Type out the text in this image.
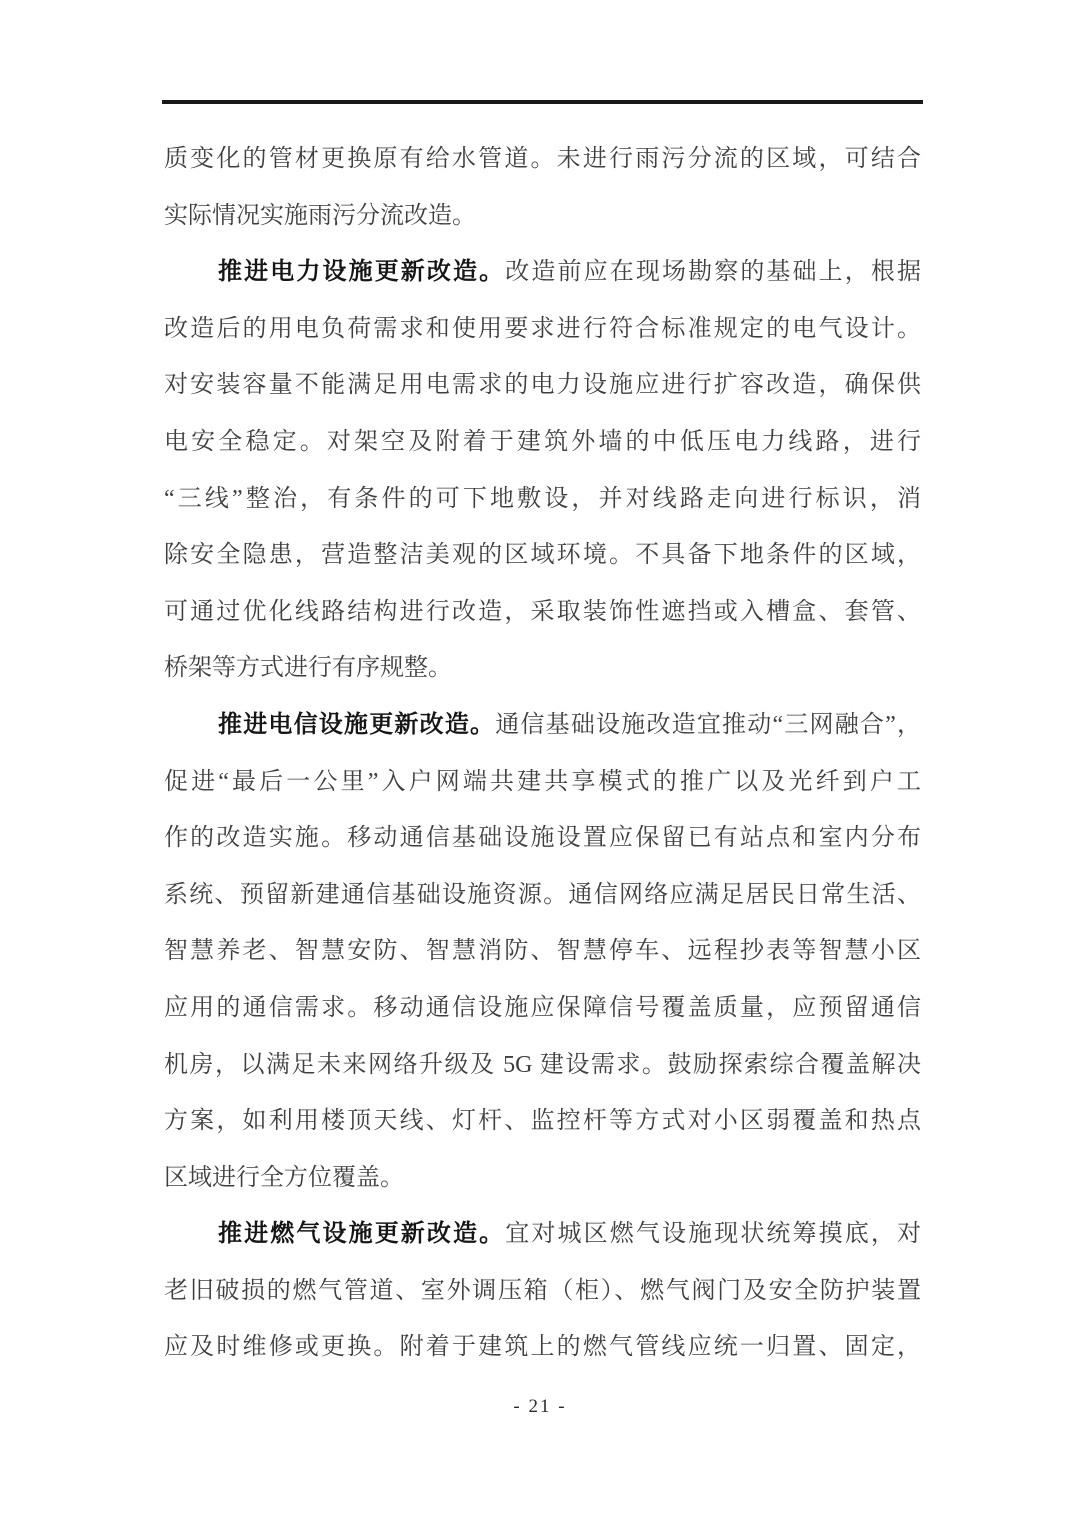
质变化的管材更换原有给水管道。未进行雨污分流的区域，可结合
实际情况实施雨污分流改造。
推进电力设施更新改造。改造前应在现场勘察的基础上，根据
改造后的用电负荷需求和使用要求进行符合标准规定的电气设计。
对安装容量不能满足用电需求的电力设施应进行扩容改造，确保供
电安全稳定。对架空及附着于建筑外墙的中低压电力线路，进行
“三线”整治，有条件的可下地敷设，并对线路走向进行标识，消
除安全隐患，营造整洁美观的区域环境。不具备下地条件的区域，
可通过优化线路结构进行改造，采取装饰性遮挡或入槽盒、套管、
桥架等方式进行有序规整。
推进电信设施更新改造。通信基础设施改造宜推动“三网融合”，
促进“最后一公里”入户网端共建共享模式的推广以及光纤到户工
作的改造实施。移动通信基础设施设置应保留已有站点和室内分布
系统、预留新建通信基础设施资源。通信网络应满足居民日常生活、
智慧养老、智慧安防、智慧消防、智慧停车、远程抄表等智慧小区
应用的通信需求。移动通信设施应保障信号覆盖质量，应预留通信
机房，以满足未来网络升级及 5G 建设需求。鼓励探索综合覆盖解决
方案，如利用楼顶天线、灯杆、监控杆等方式对小区弱覆盖和热点
区域进行全方位覆盖。
推进燃气设施更新改造。宜对城区燃气设施现状统筹摸底，对
老旧破损的燃气管道、室外调压箱（柜）、燃气阀门及安全防护装置
应及时维修或更换。附着于建筑上的燃气管线应统一归置、固定，
- 21 -
